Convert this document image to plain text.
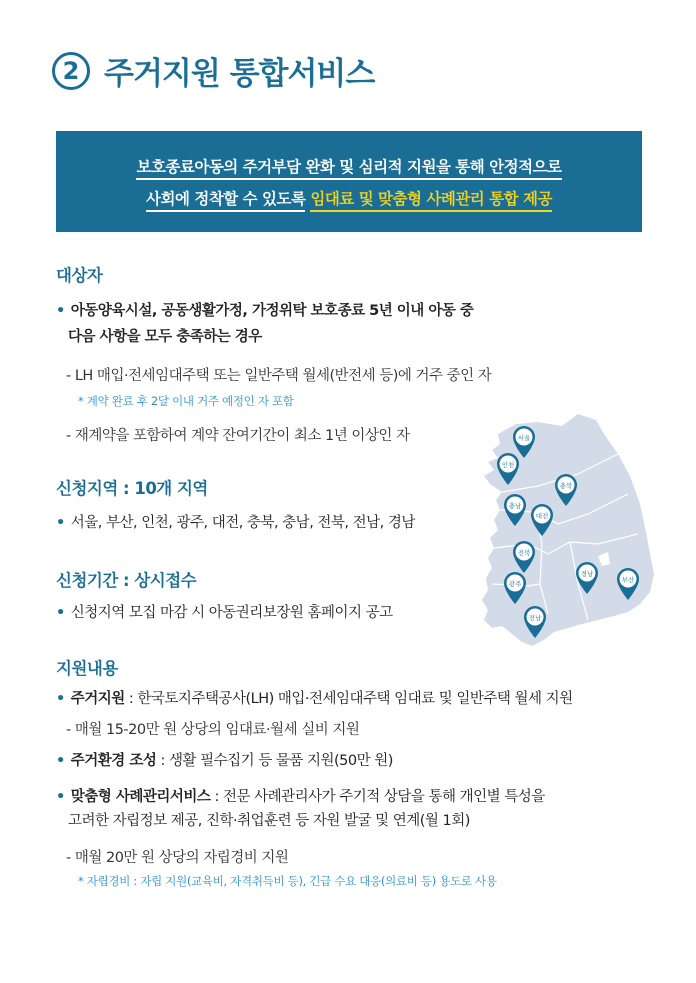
2 주거지원 통합서비스
보호종료아동의 주거부담 완화 및 심리적 지원을 통해 안정적으로
사회에 정착할 수 있도록 임대료 및 맞춤형 사례관리 통합 제공
대상자
• 아동양육시설, 공동생활가정, 가정위탁 보호종료 5년 이내 아동 중
다음 사항을 모두 충족하는 경우
- LH 매입·전세임대주택 또는 일반주택 월세(반전세 등)에 거주 중인 자
* 계약 완료 후 2달 이내 거주 예정인 자 포함
- 재계약을 포함하여 계약 잔여기간이 최소 1년 이상인 자
신청지역 : 10개 지역
• 서울, 부산, 인천, 광주, 대전, 충북, 충남, 전북, 전남, 경남
신청기간 : 상시접수
• 신청지역 모집 마감 시 아동권리보장원 홈페이지 공고
지원내용
• 주거지원 : 한국토지주택공사(LH) 매입·전세임대주택 임대료 및 일반주택 월세 지원
- 매월 15-20만 원 상당의 임대료·월세 실비 지원
• 주거환경 조성 : 생활 필수집기 등 물품 지원(50만 원)
• 맞춤형 사례관리서비스 : 전문 사례관리사가 주기적 상담을 통해 개인별 특성을
고려한 자립정보 제공, 진학·취업훈련 등 자원 발굴 및 연계(월 1회)
- 매월 20만 원 상당의 자립경비 지원
* 자립경비 : 자립 지원(교육비, 자격취득비 등), 긴급 수요 대응(의료비 등) 용도로 사용
서울
인천
충북
충남
대전
전북
경남
부산
광주
전남
